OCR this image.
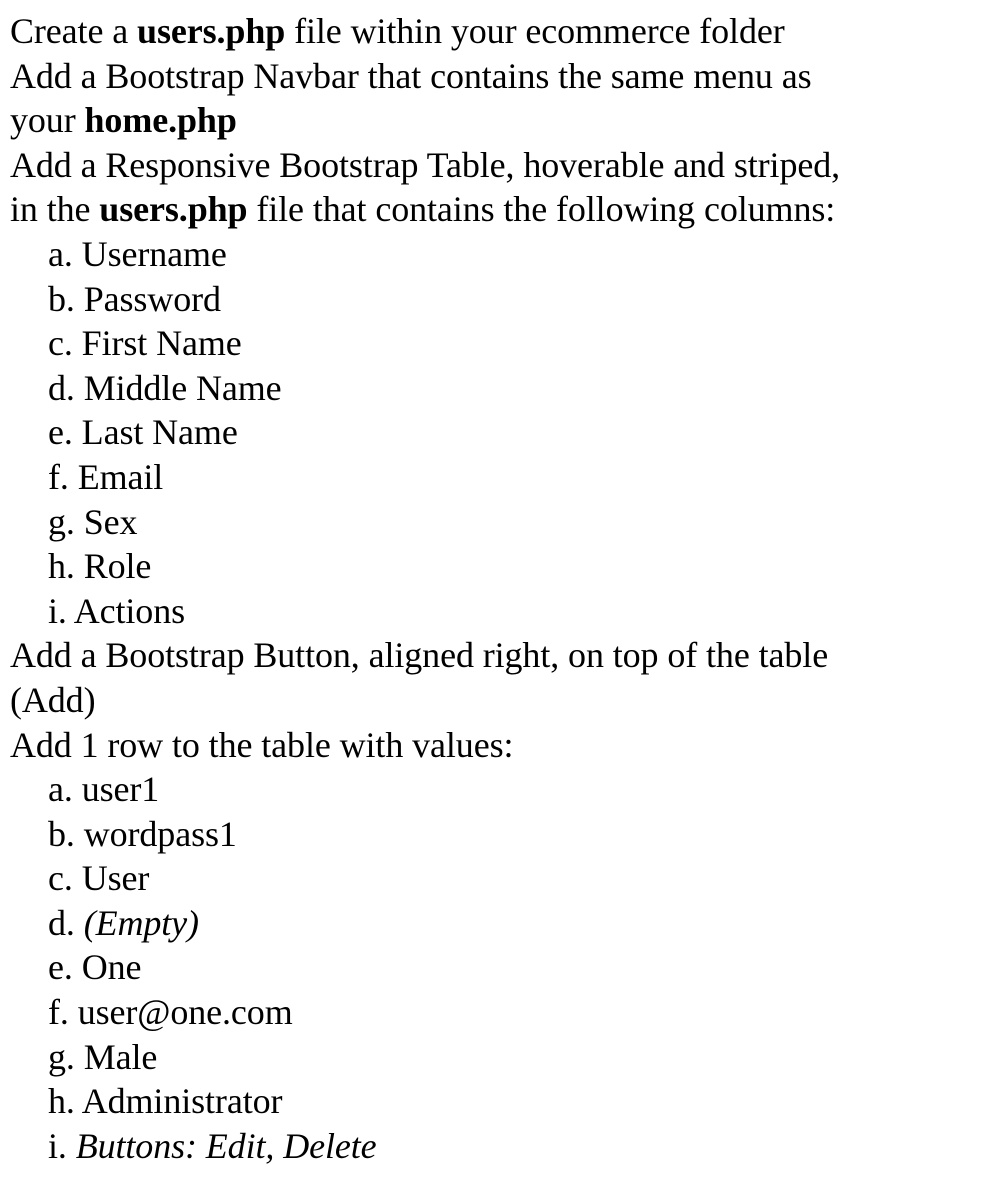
Create a users.php file within your ecommerce folder
Add a Bootstrap Navbar that contains the same menu as
your home.php
Add a Responsive Bootstrap Table, hoverable and striped,
in the users.php file that contains the following columns:
a. Username
b. Password
c. First Name
d. Middle Name
e. Last Name
f. Email
g. Sex
h. Role
i. Actions
Add a Bootstrap Button, aligned right, on top of the table
(Add)
Add 1 row to the table with values:
a. user1
b. wordpass1
c. User
d. (Empty)
e. One
f. user@one.com
g. Male
h. Administrator
i. Buttons: Edit, Delete
